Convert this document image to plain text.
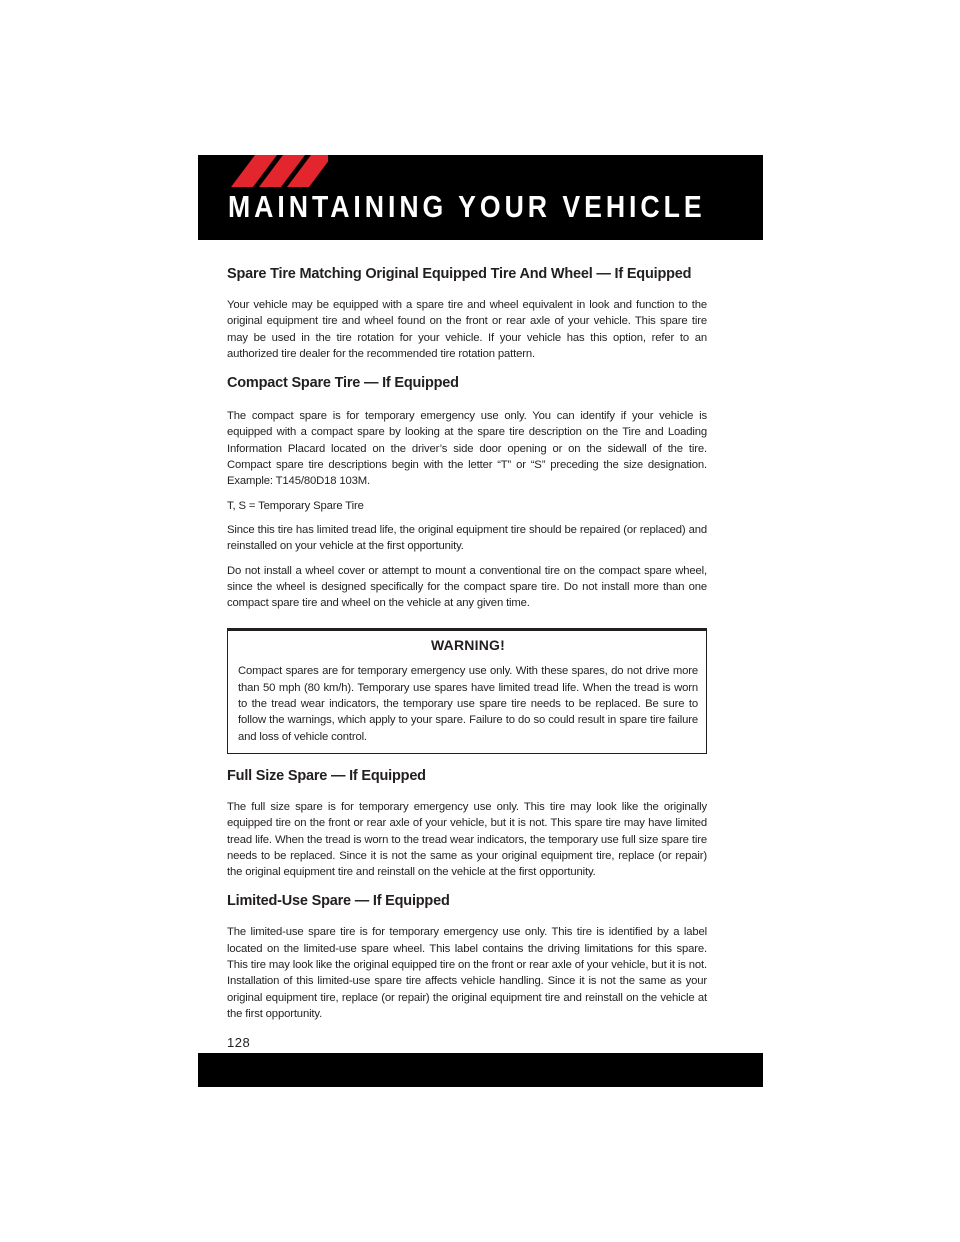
MAINTAINING YOUR VEHICLE
Spare Tire Matching Original Equipped Tire And Wheel — If Equipped

Your vehicle may be equipped with a spare tire and wheel equivalent in look and function to the original equipment tire and wheel found on the front or rear axle of your vehicle. This spare tire may be used in the tire rotation for your vehicle. If your vehicle has this option, refer to an authorized tire dealer for the recommended tire rotation pattern.

Compact Spare Tire — If Equipped

The compact spare is for temporary emergency use only. You can identify if your vehicle is equipped with a compact spare by looking at the spare tire description on the Tire and Loading Information Placard located on the driver’s side door opening or on the sidewall of the tire. Compact spare tire descriptions begin with the letter “T” or “S” preceding the size designation. Example: T145/80D18 103M.

T, S = Temporary Spare Tire

Since this tire has limited tread life, the original equipment tire should be repaired (or replaced) and reinstalled on your vehicle at the first opportunity.

Do not install a wheel cover or attempt to mount a conventional tire on the compact spare wheel, since the wheel is designed specifically for the compact spare tire. Do not install more than one compact spare tire and wheel on the vehicle at any given time.

WARNING!

Compact spares are for temporary emergency use only. With these spares, do not drive more than 50 mph (80 km/h). Temporary use spares have limited tread life. When the tread is worn to the tread wear indicators, the temporary use spare tire needs to be replaced. Be sure to follow the warnings, which apply to your spare. Failure to do so could result in spare tire failure and loss of vehicle control.

Full Size Spare — If Equipped

The full size spare is for temporary emergency use only. This tire may look like the originally equipped tire on the front or rear axle of your vehicle, but it is not. This spare tire may have limited tread life. When the tread is worn to the tread wear indicators, the temporary use full size spare tire needs to be replaced. Since it is not the same as your original equipment tire, replace (or repair) the original equipment tire and reinstall on the vehicle at the first opportunity.

Limited-Use Spare — If Equipped

The limited-use spare tire is for temporary emergency use only. This tire is identified by a label located on the limited-use spare wheel. This label contains the driving limitations for this spare. This tire may look like the original equipped tire on the front or rear axle of your vehicle, but it is not. Installation of this limited-use spare tire affects vehicle handling. Since it is not the same as your original equipment tire, replace (or repair) the original equipment tire and reinstall on the vehicle at the first opportunity.

128
